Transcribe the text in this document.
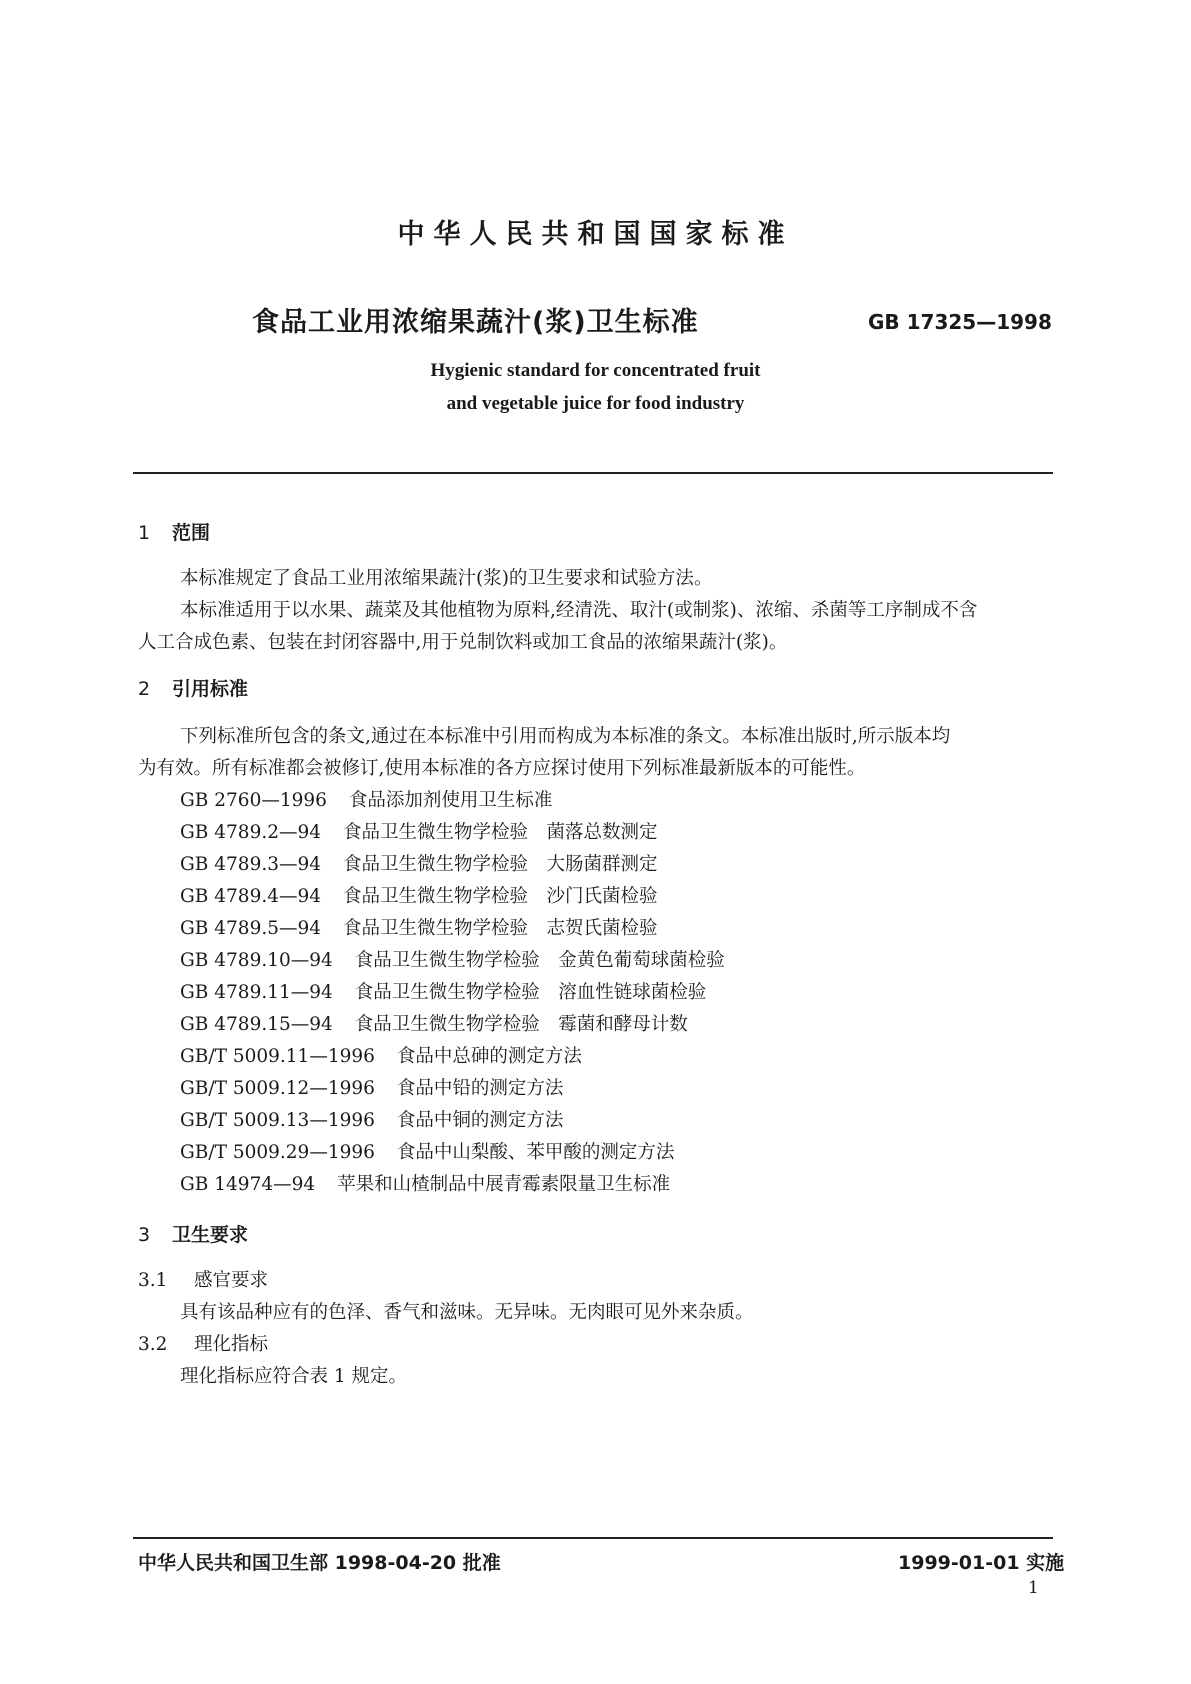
中华人民共和国国家标准
食品工业用浓缩果蔬汁(浆)卫生标准	GB 17325—1998
Hygienic standard for concentrated fruit
and vegetable juice for food industry
1 范围
本标准规定了食品工业用浓缩果蔬汁(浆)的卫生要求和试验方法。
本标准适用于以水果、蔬菜及其他植物为原料,经清洗、取汁(或制浆)、浓缩、杀菌等工序制成不含
人工合成色素、包装在封闭容器中,用于兑制饮料或加工食品的浓缩果蔬汁(浆)。
2 引用标准
下列标准所包含的条文,通过在本标准中引用而构成为本标准的条文。本标准出版时,所示版本均
为有效。所有标准都会被修订,使用本标准的各方应探讨使用下列标准最新版本的可能性。
GB 2760—1996 食品添加剂使用卫生标准
GB 4789.2—94 食品卫生微生物学检验　菌落总数测定
GB 4789.3—94 食品卫生微生物学检验　大肠菌群测定
GB 4789.4—94 食品卫生微生物学检验　沙门氏菌检验
GB 4789.5—94 食品卫生微生物学检验　志贺氏菌检验
GB 4789.10—94 食品卫生微生物学检验　金黄色葡萄球菌检验
GB 4789.11—94 食品卫生微生物学检验　溶血性链球菌检验
GB 4789.15—94 食品卫生微生物学检验　霉菌和酵母计数
GB/T 5009.11—1996 食品中总砷的测定方法
GB/T 5009.12—1996 食品中铅的测定方法
GB/T 5009.13—1996 食品中铜的测定方法
GB/T 5009.29—1996 食品中山梨酸、苯甲酸的测定方法
GB 14974—94 苹果和山楂制品中展青霉素限量卫生标准
3 卫生要求
3.1 感官要求
具有该品种应有的色泽、香气和滋味。无异味。无肉眼可见外来杂质。
3.2 理化指标
理化指标应符合表 1 规定。
中华人民共和国卫生部 1998-04-20 批准	1999-01-01 实施
1
